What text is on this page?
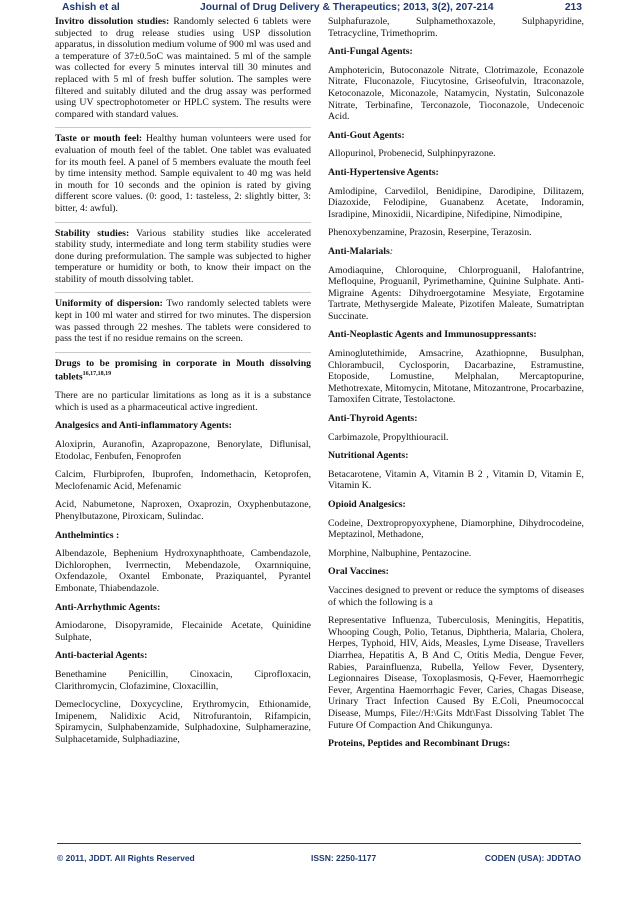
Ashish et al	Journal of Drug Delivery & Therapeutics; 2013, 3(2), 207-214	213

Invitro dissolution studies: Randomly selected 6 tablets were subjected to drug release studies using USP dissolution apparatus, in dissolution medium volume of 900 ml was used and a temperature of 37±0.5oC was maintained. 5 ml of the sample was collected for every 5 minutes interval till 30 minutes and replaced with 5 ml of fresh buffer solution. The samples were filtered and suitably diluted and the drug assay was performed using UV spectrophotometer or HPLC system. The results were compared with standard values.

Taste or mouth feel: Healthy human volunteers were used for evaluation of mouth feel of the tablet. One tablet was evaluated for its mouth feel. A panel of 5 members evaluate the mouth feel by time intensity method. Sample equivalent to 40 mg was held in mouth for 10 seconds and the opinion is rated by giving different score values. (0: good, 1: tasteless, 2: slightly bitter, 3: bitter, 4: awful).

Stability studies: Various stability studies like accelerated stability study, intermediate and long term stability studies were done during preformulation. The sample was subjected to higher temperature or humidity or both, to know their impact on the stability of mouth dissolving tablet.

Uniformity of dispersion: Two randomly selected tablets were kept in 100 ml water and stirred for two minutes. The dispersion was passed through 22 meshes. The tablets were considered to pass the test if no residue remains on the screen.

Drugs to be promising in corporate in Mouth dissolving tablets$^{16,17,18,19}$

There are no particular limitations as long as it is a substance which is used as a pharmaceutical active ingredient.

Analgesics and Anti-inflammatory Agents:

Aloxiprin, Auranofin, Azapropazone, Benorylate, Diflunisal, Etodolac, Fenbufen, Fenoprofen

Calcim, Flurbiprofen, Ibuprofen, Indomethacin, Ketoprofen, Meclofenamic Acid, Mefenamic

Acid, Nabumetone, Naproxen, Oxaprozin, Oxyphenbutazone, Phenylbutazone, Piroxicam, Sulindac.

Anthelmintics :

Albendazole, Bephenium Hydroxynaphthoate, Cambendazole, Dichlorophen, Iverrnectin, Mebendazole, Oxarnniquine, Oxfendazole, Oxantel Embonate, Praziquantel, Pyrantel Embonate, Thiabendazole.

Anti-Arrhythmic Agents:

Amiodarone, Disopyramide, Flecainide Acetate, Quinidine Sulphate,

Anti-bacterial Agents:

Benethamine Penicillin, Cinoxacin, Ciprofloxacin, Clarithromycin, Clofazimine, Cloxacillin,

Demeclocycline, Doxycycline, Erythromycin, Ethionamide, Imipenem, Nalidixic Acid, Nitrofurantoin, Rifampicin, Spiramycin, Sulphabenzamide, Sulphadoxine, Sulphamerazine, Sulphacetamide, Sulphadiazine,

Sulphafurazole, Sulphamethoxazole, Sulphapyridine, Tetracycline, Trimethoprim.

Anti-Fungal Agents:

Amphotericin, Butoconazole Nitrate, Clotrimazole, Econazole Nitrate, Fluconazole, Fiucytosine, Griseofulvin, Itraconazole, Ketoconazole, Miconazole, Natamycin, Nystatin, Sulconazole Nitrate, Terbinafine, Terconazole, Tioconazole, Undecenoic Acid.

Anti-Gout Agents:

Allopurinol, Probenecid, Sulphinpyrazone.

Anti-Hypertensive Agents:

Amlodipine, Carvedilol, Benidipine, Darodipine, Dilitazem, Diazoxide, Felodipine, Guanabenz Acetate, Indoramin, Isradipine, Minoxidii, Nicardipine, Nifedipine, Nimodipine,

Phenoxybenzamine, Prazosin, Reserpine, Terazosin.

Anti-Malarials:

Amodiaquine, Chloroquine, Chlorproguanil, Halofantrine, Mefloquine, Proguanil, Pyrimethamine, Quinine Sulphate. Anti-Migraine Agents: Dihydroergotamine Mesyiate, Ergotamine Tartrate, Methysergide Maleate, Pizotifen Maleate, Sumatriptan Succinate.

Anti-Neoplastic Agents and Immunosuppressants:

Aminoglutethimide, Amsacrine, Azathiopnne, Busulphan, Chlorambucil, Cyclosporin, Dacarbazine, Estramustine, Etoposide, Lomustine, Melphalan, Mercaptopurine, Methotrexate, Mitomycin, Mitotane, Mitozantrone, Procarbazine, Tamoxifen Citrate, Testolactone.

Anti-Thyroid Agents:

Carbimazole, Propylthiouracil.

Nutritional Agents:

Betacarotene, Vitamin A, Vitamin B 2 , Vitamin D, Vitamin E, Vitamin K.

Opioid Analgesics:

Codeine, Dextropropyoxyphene, Diamorphine, Dihydrocodeine, Meptazinol, Methadone,

Morphine, Nalbuphine, Pentazocine.

Oral Vaccines:

Vaccines designed to prevent or reduce the symptoms of diseases of which the following is a

Representative Influenza, Tuberculosis, Meningitis, Hepatitis, Whooping Cough, Polio, Tetanus, Diphtheria, Malaria, Cholera, Herpes, Typhoid, HIV, Aids, Measles, Lyme Disease, Travellers Diarrhea, Hepatitis A, B And C, Otitis Media, Dengue Fever, Rabies, Parainfluenza, Rubella, Yellow Fever, Dysentery, Legionnaires Disease, Toxoplasmosis, Q-Fever, Haemorrhegic Fever, Argentina Haemorrhagic Fever, Caries, Chagas Disease, Urinary Tract Infection Caused By E.Coli, Pneumococcal Disease, Mumps, File://H:\Gits Mdt\Fast Dissolving Tablet The Future Of Compaction And Chikungunya.

Proteins, Peptides and Recombinant Drugs:

© 2011, JDDT. All Rights Reserved	ISSN: 2250-1177	CODEN (USA): JDDTAO
